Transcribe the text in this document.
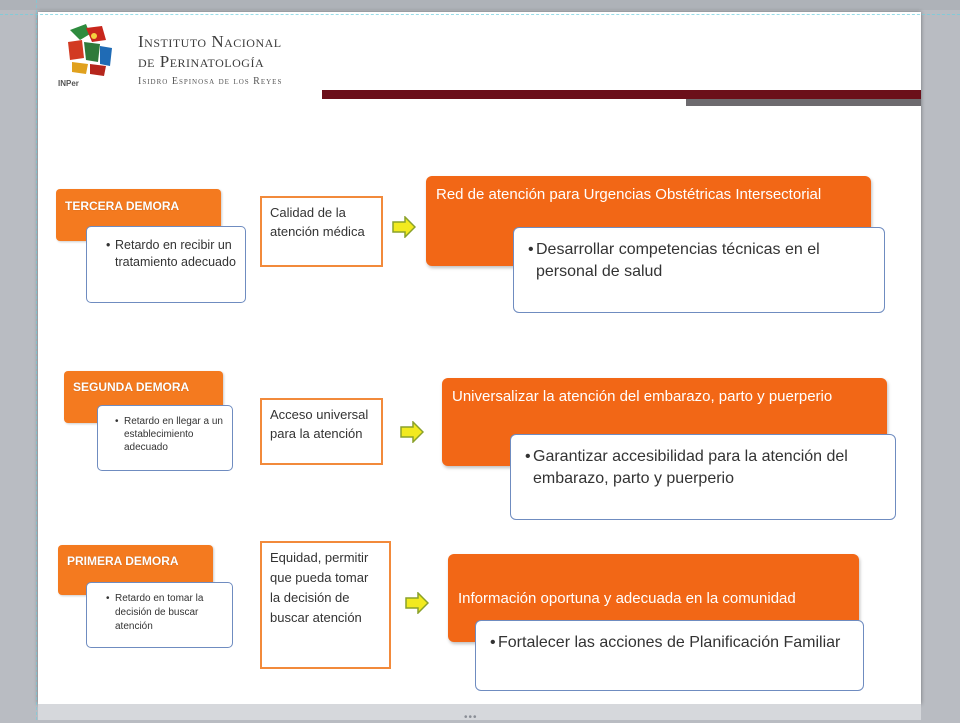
INPer
Instituto Nacional
de Perinatología
Isidro Espinosa de los Reyes
TERCERA DEMORA
• Retardo en recibir un tratamiento adecuado
Calidad de la atención médica
Red de atención para Urgencias Obstétricas Intersectorial
• Desarrollar competencias técnicas en el personal de salud
SEGUNDA DEMORA
• Retardo en llegar a un establecimiento adecuado
Acceso universal para la atención
Universalizar la atención del embarazo, parto y puerperio
• Garantizar accesibilidad para la atención del embarazo, parto y puerperio
PRIMERA DEMORA
• Retardo en tomar la decisión de buscar atención
Equidad, permitir que pueda tomar la decisión de buscar atención
Información oportuna y adecuada en la comunidad
• Fortalecer las acciones de Planificación Familiar
•••
